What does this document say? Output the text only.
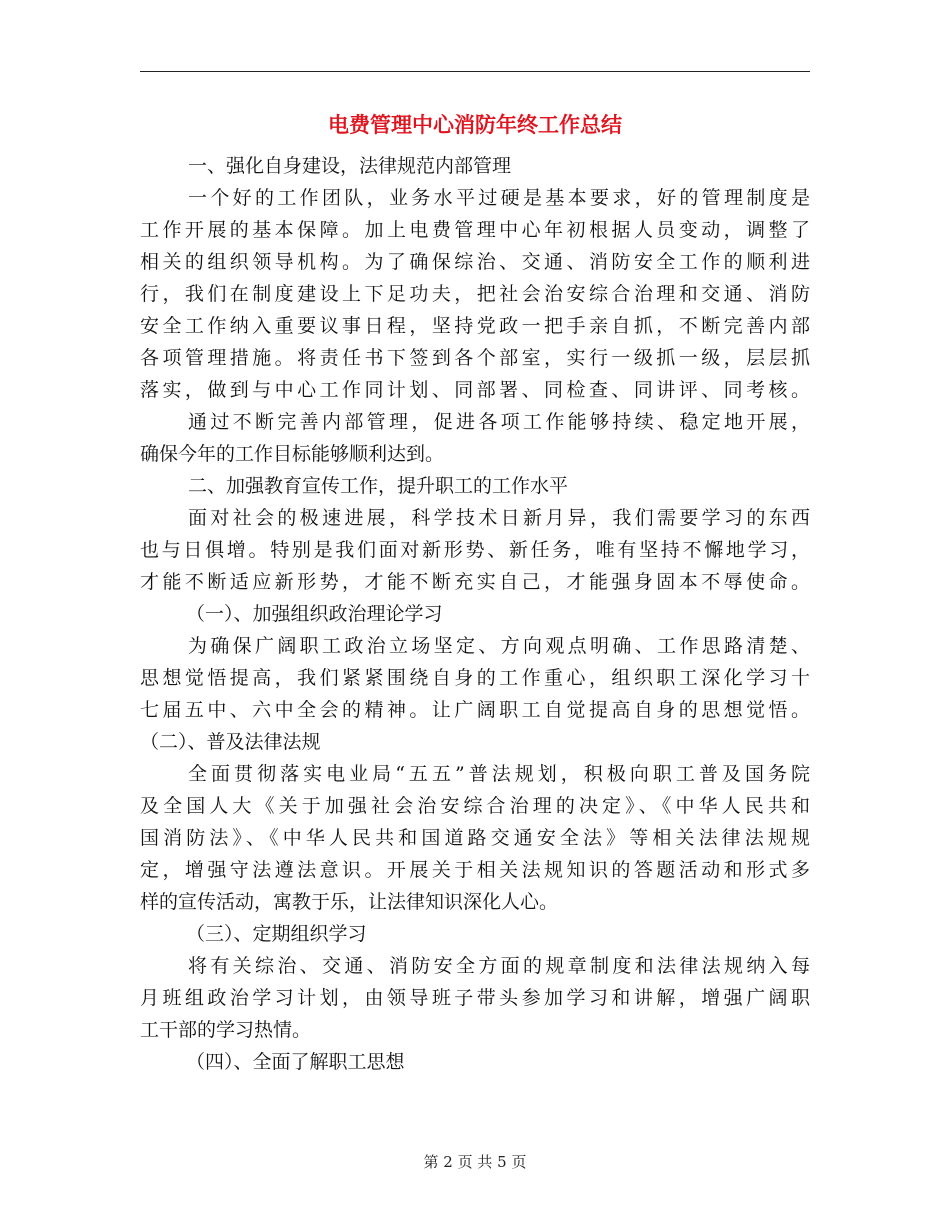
电费管理中心消防年终工作总结

一、强化自身建设，法律规范内部管理

一个好的工作团队，业务水平过硬是基本要求，好的管理制度是
工作开展的基本保障。加上电费管理中心年初根据人员变动，调整了
相关的组织领导机构。为了确保综治、交通、消防安全工作的顺利进
行，我们在制度建设上下足功夫，把社会治安综合治理和交通、消防
安全工作纳入重要议事日程，坚持党政一把手亲自抓，不断完善内部
各项管理措施。将责任书下签到各个部室，实行一级抓一级，层层抓
落实，做到与中心工作同计划、同部署、同检查、同讲评、同考核。

通过不断完善内部管理，促进各项工作能够持续、稳定地开展，
确保今年的工作目标能够顺利达到。

二、加强教育宣传工作，提升职工的工作水平

面对社会的极速进展，科学技术日新月异，我们需要学习的东西
也与日俱增。特别是我们面对新形势、新任务，唯有坚持不懈地学习，
才能不断适应新形势，才能不断充实自己，才能强身固本不辱使命。

（一）、加强组织政治理论学习

为确保广阔职工政治立场坚定、方向观点明确、工作思路清楚、
思想觉悟提高，我们紧紧围绕自身的工作重心，组织职工深化学习十
七届五中、六中全会的精神。让广阔职工自觉提高自身的思想觉悟。

（二）、普及法律法规

全面贯彻落实电业局“五五”普法规划，积极向职工普及国务院
及全国人大《关于加强社会治安综合治理的决定》、《中华人民共和
国消防法》、《中华人民共和国道路交通安全法》等相关法律法规规
定，增强守法遵法意识。开展关于相关法规知识的答题活动和形式多
样的宣传活动，寓教于乐，让法律知识深化人心。

（三）、定期组织学习

将有关综治、交通、消防安全方面的规章制度和法律法规纳入每
月班组政治学习计划，由领导班子带头参加学习和讲解，增强广阔职
工干部的学习热情。

（四）、全面了解职工思想

第 2 页 共 5 页
